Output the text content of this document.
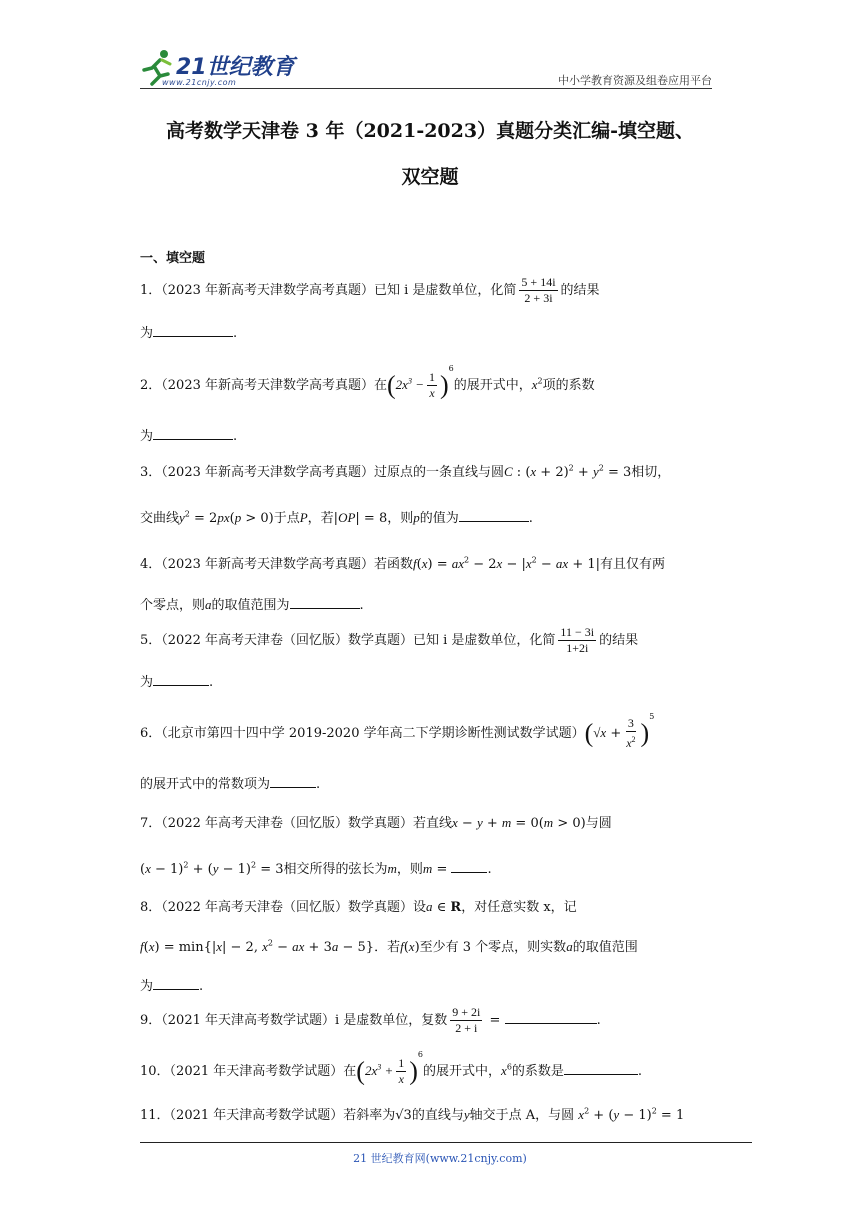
21世纪教育
www.21cnjy.com	中小学教育资源及组卷应用平台
高考数学天津卷 3 年（2021-2023）真题分类汇编-填空题、
双空题
一、填空题
1．（2023 年新高考天津数学高考真题）已知 i 是虚数单位，化简 $\frac{5 + 14i}{2 + 3i}$ 的结果
为	.
2．（2023 年新高考天津数学高考真题）在$(2x^3 - \frac{1}{x} )^6$的展开式中，$x^2$项的系数
为	.
3．（2023 年新高考天津数学高考真题）过原点的一条直线与圆C : $(x + 2)^2 + y^2 = 3$相切，
交曲线$y^2 = 2px(p > 0)$于点P，若|OP| = 8，则p的值为	.
4．（2023 年新高考天津数学高考真题）若函数$f(x) = ax^2 - 2x - |x^2$ − ax + 1|有且仅有两
个零点，则a的取值范围为	.
5．（2022 年高考天津卷（回忆版）数学真题）已知 i 是虚数单位，化简 $\frac{11 - 3i}{1+2i}$ 的结果
为	.
6．（北京市第四十四中学 2019-2020 学年高二下学期诊断性测试数学试题）$(√x + \frac{3}{x^2} )^5$
的展开式中的常数项为	.
7．（2022 年高考天津卷（回忆版）数学真题）若直线x − y + m = 0(m > 0)与圆
$(x - 1)^2 + (y - 1)^2 = 3$相交所得的弦长为m，则m =	.
8．（2022 年高考天津卷（回忆版）数学真题）设a ∈ R，对任意实数 x，记
f(x) = min{|x| − 2, $x^2$ − ax + 3a − 5}．若f(x)至少有 3 个零点，则实数a的取值范围
为	.
9．（2021 年天津高考数学试题）i 是虚数单位，复数 $\frac{9 + 2i}{2 + i}$ =	.
10．（2021 年天津高考数学试题）在$(2x^3 + \frac{1}{x} )^6$的展开式中，$x^6$的系数是	.
11．（2021 年天津高考数学试题）若斜率为√3的直线与y轴交于点 A，与圆 $x^2 + (y - 1)^2 = 1$
21 世纪教育网(www.21cnjy.com)
